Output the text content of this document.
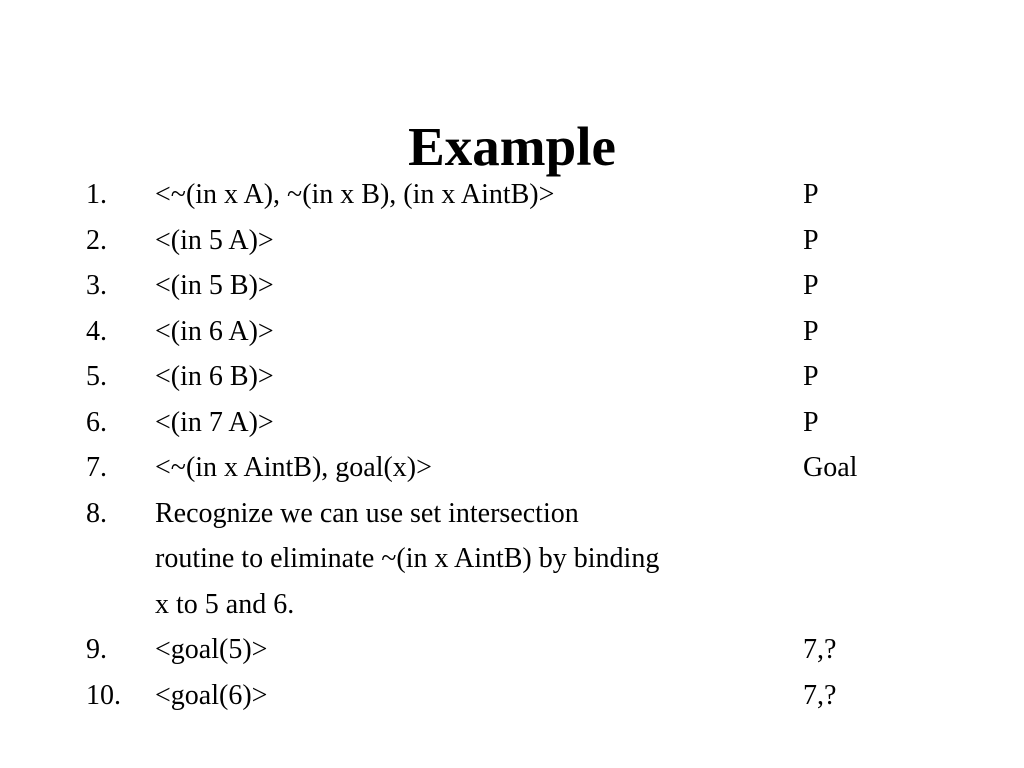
Example
1. <~(in x A), ~(in x B), (in x AintB)>	P
2. <(in 5 A)>	P
3. <(in 5 B)>	P
4. <(in 6 A)>	P
5. <(in 6 B)>	P
6. <(in 7 A)>	P
7. <~(in x AintB), goal(x)>	Goal
8. Recognize we can use set intersection
routine to eliminate ~(in x AintB) by binding
x to 5 and 6.
9. <goal(5)>	7,?
10. <goal(6)>	7,?
